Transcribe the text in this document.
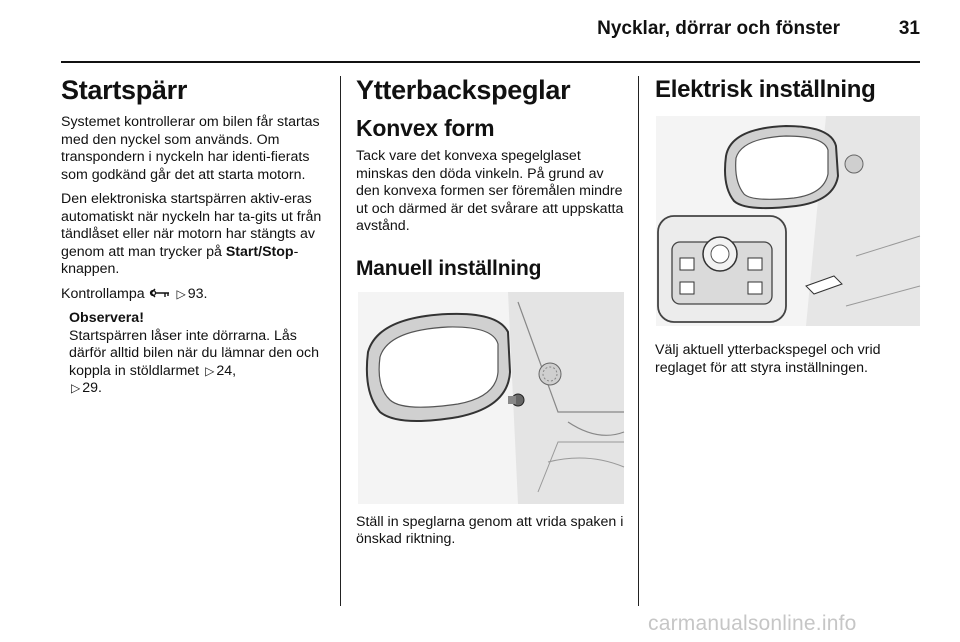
Nycklar, dörrar och fönster	31
Startspärr

Systemet kontrollerar om bilen får startas med den nyckel som används. Om transpondern i nyckeln har identi-fierats som godkänd går det att starta motorn.

Den elektroniska startspärren aktiv-eras automatiskt när nyckeln har ta-gits ut från tändlåset eller när motorn har stängts av genom att man trycker på Start/Stop-knappen.

Kontrollampa	▷ 93.

Observera!
Startspärren låser inte dörrarna. Lås därför alltid bilen när du lämnar den och koppla in stöldlarmet ▷ 24,
▷ 29.
Ytterbackspeglar
Konvex form

Tack vare det konvexa spegelglaset minskas den döda vinkeln. På grund av den konvexa formen ser föremålen mindre ut och därmed är det svårare att uppskatta avstånd.

Manuell inställning

Ställ in speglarna genom att vrida spaken i önskad riktning.

Elektrisk inställning

Välj aktuell ytterbackspegel och vrid reglaget för att styra inställningen.

carmanualsonline.info
